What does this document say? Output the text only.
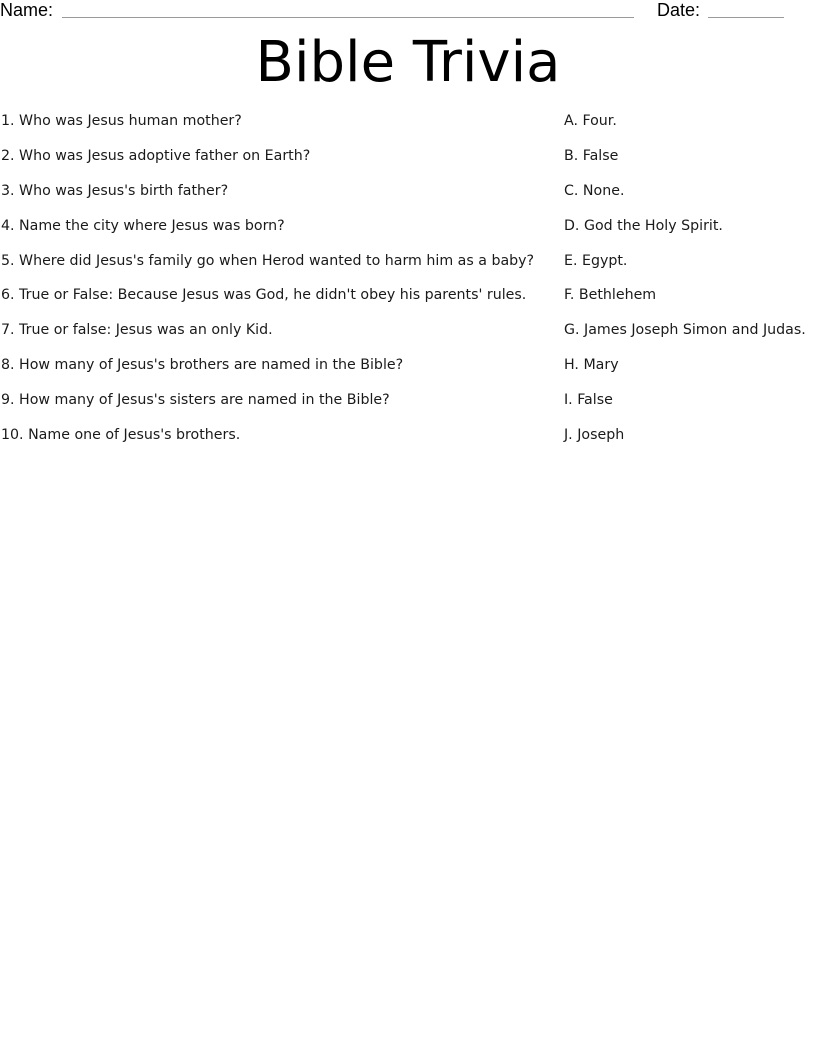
Name:	Date:
Bible Trivia
1. Who was Jesus human mother?
2. Who was Jesus adoptive father on Earth?
3. Who was Jesus's birth father?
4. Name the city where Jesus was born?
5. Where did Jesus's family go when Herod wanted to harm him as a baby?
6. True or False: Because Jesus was God, he didn't obey his parents' rules.
7. True or false: Jesus was an only Kid.
8. How many of Jesus's brothers are named in the Bible?
9. How many of Jesus's sisters are named in the Bible?
10. Name one of Jesus's brothers.
A. Four.
B. False
C. None.
D. God the Holy Spirit.
E. Egypt.
F. Bethlehem
G. James Joseph Simon and Judas.
H. Mary
I. False
J. Joseph
